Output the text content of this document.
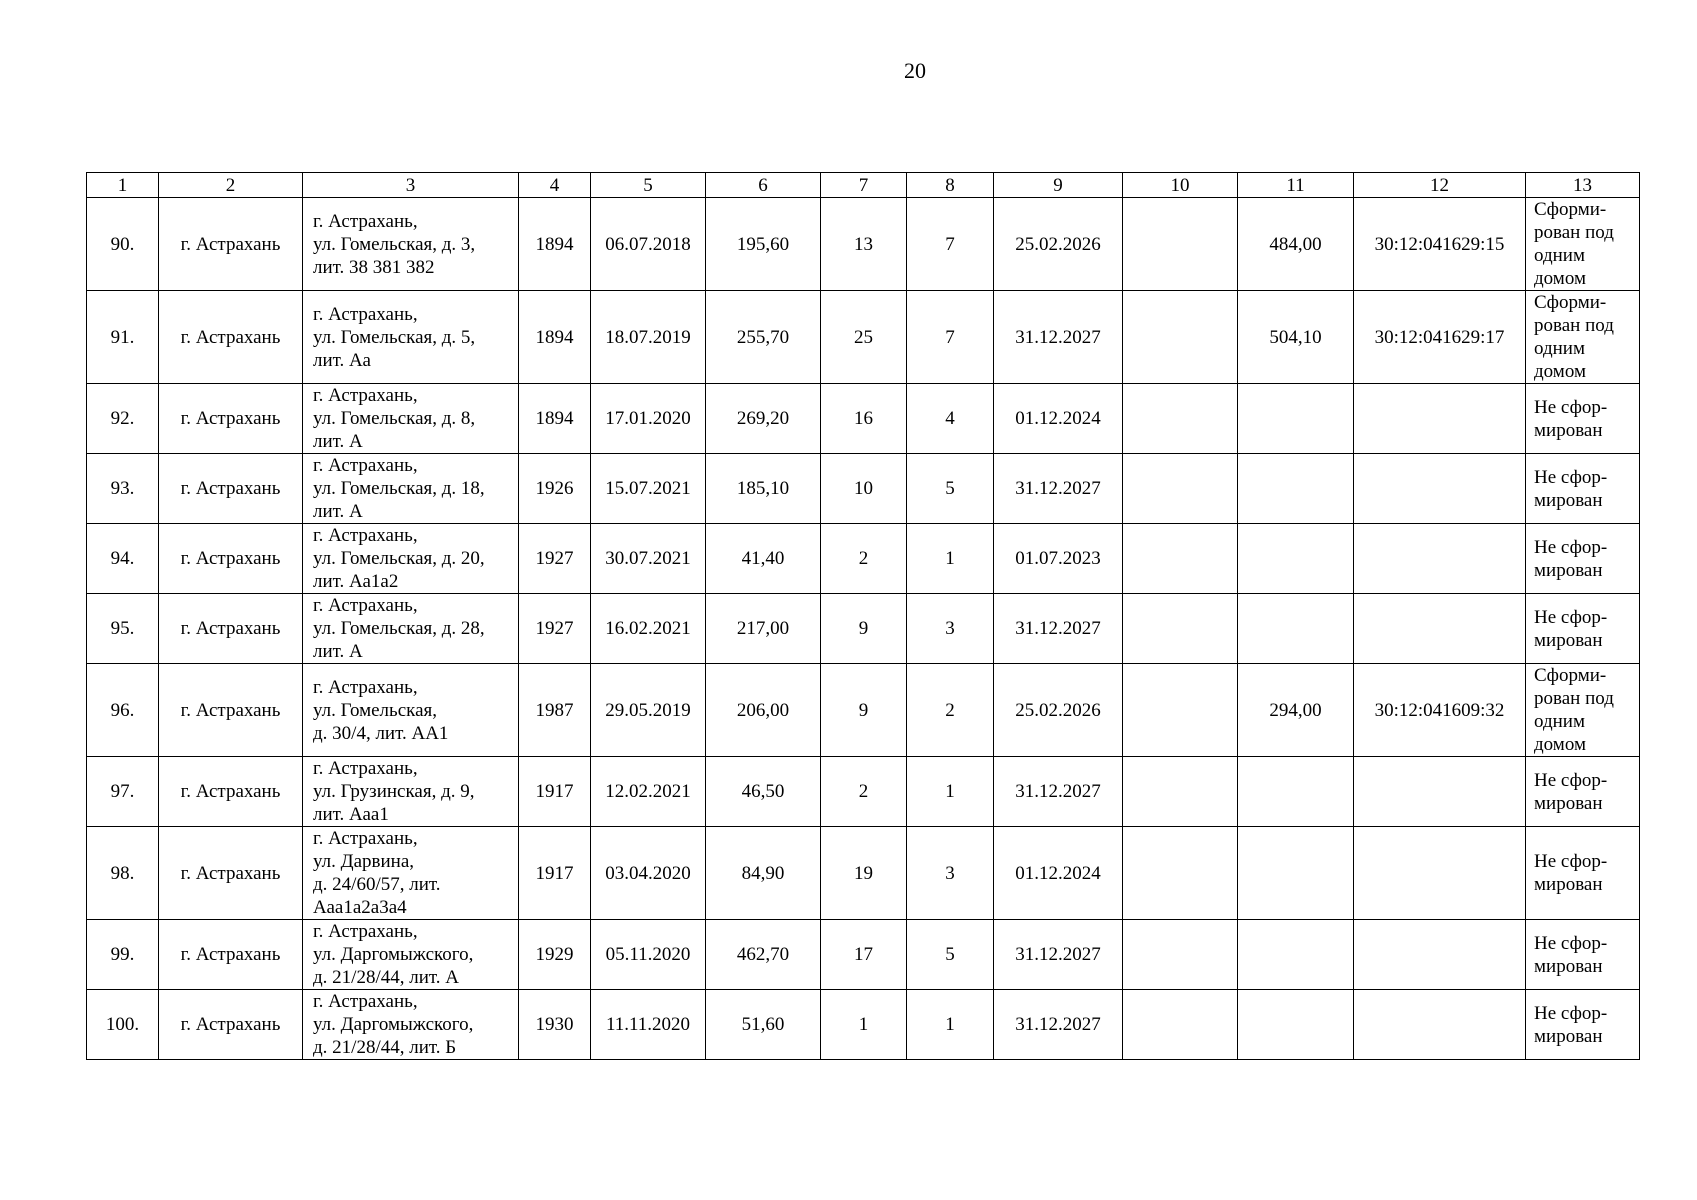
20
1	2	3	4	5	6	7	8	9	10	11	12	13
90.	г. Астрахань	г. Астрахань,
ул. Гомельская, д. 3,
лит. 38 381 382	1894	06.07.2018	195,60	13	7	25.02.2026		484,00	30:12:041629:15	Сформи-
рован под
одним
домом
91.	г. Астрахань	г. Астрахань,
ул. Гомельская, д. 5,
лит. Аа	1894	18.07.2019	255,70	25	7	31.12.2027		504,10	30:12:041629:17	Сформи-
рован под
одним
домом
92.	г. Астрахань	г. Астрахань,
ул. Гомельская, д. 8,
лит. А	1894	17.01.2020	269,20	16	4	01.12.2024				Не сфор-
мирован
93.	г. Астрахань	г. Астрахань,
ул. Гомельская, д. 18,
лит. А	1926	15.07.2021	185,10	10	5	31.12.2027				Не сфор-
мирован
94.	г. Астрахань	г. Астрахань,
ул. Гомельская, д. 20,
лит. Аа1а2	1927	30.07.2021	41,40	2	1	01.07.2023				Не сфор-
мирован
95.	г. Астрахань	г. Астрахань,
ул. Гомельская, д. 28,
лит. А	1927	16.02.2021	217,00	9	3	31.12.2027				Не сфор-
мирован
96.	г. Астрахань	г. Астрахань,
ул. Гомельская,
д. 30/4, лит. АА1	1987	29.05.2019	206,00	9	2	25.02.2026		294,00	30:12:041609:32	Сформи-
рован под
одним
домом
97.	г. Астрахань	г. Астрахань,
ул. Грузинская, д. 9,
лит. Ааа1	1917	12.02.2021	46,50	2	1	31.12.2027				Не сфор-
мирован
98.	г. Астрахань	г. Астрахань,
ул. Дарвина,
д. 24/60/57, лит.
Ааа1а2а3а4	1917	03.04.2020	84,90	19	3	01.12.2024				Не сфор-
мирован
99.	г. Астрахань	г. Астрахань,
ул. Даргомыжского,
д. 21/28/44, лит. А	1929	05.11.2020	462,70	17	5	31.12.2027				Не сфор-
мирован
100.	г. Астрахань	г. Астрахань,
ул. Даргомыжского,
д. 21/28/44, лит. Б	1930	11.11.2020	51,60	1	1	31.12.2027				Не сфор-
мирован
